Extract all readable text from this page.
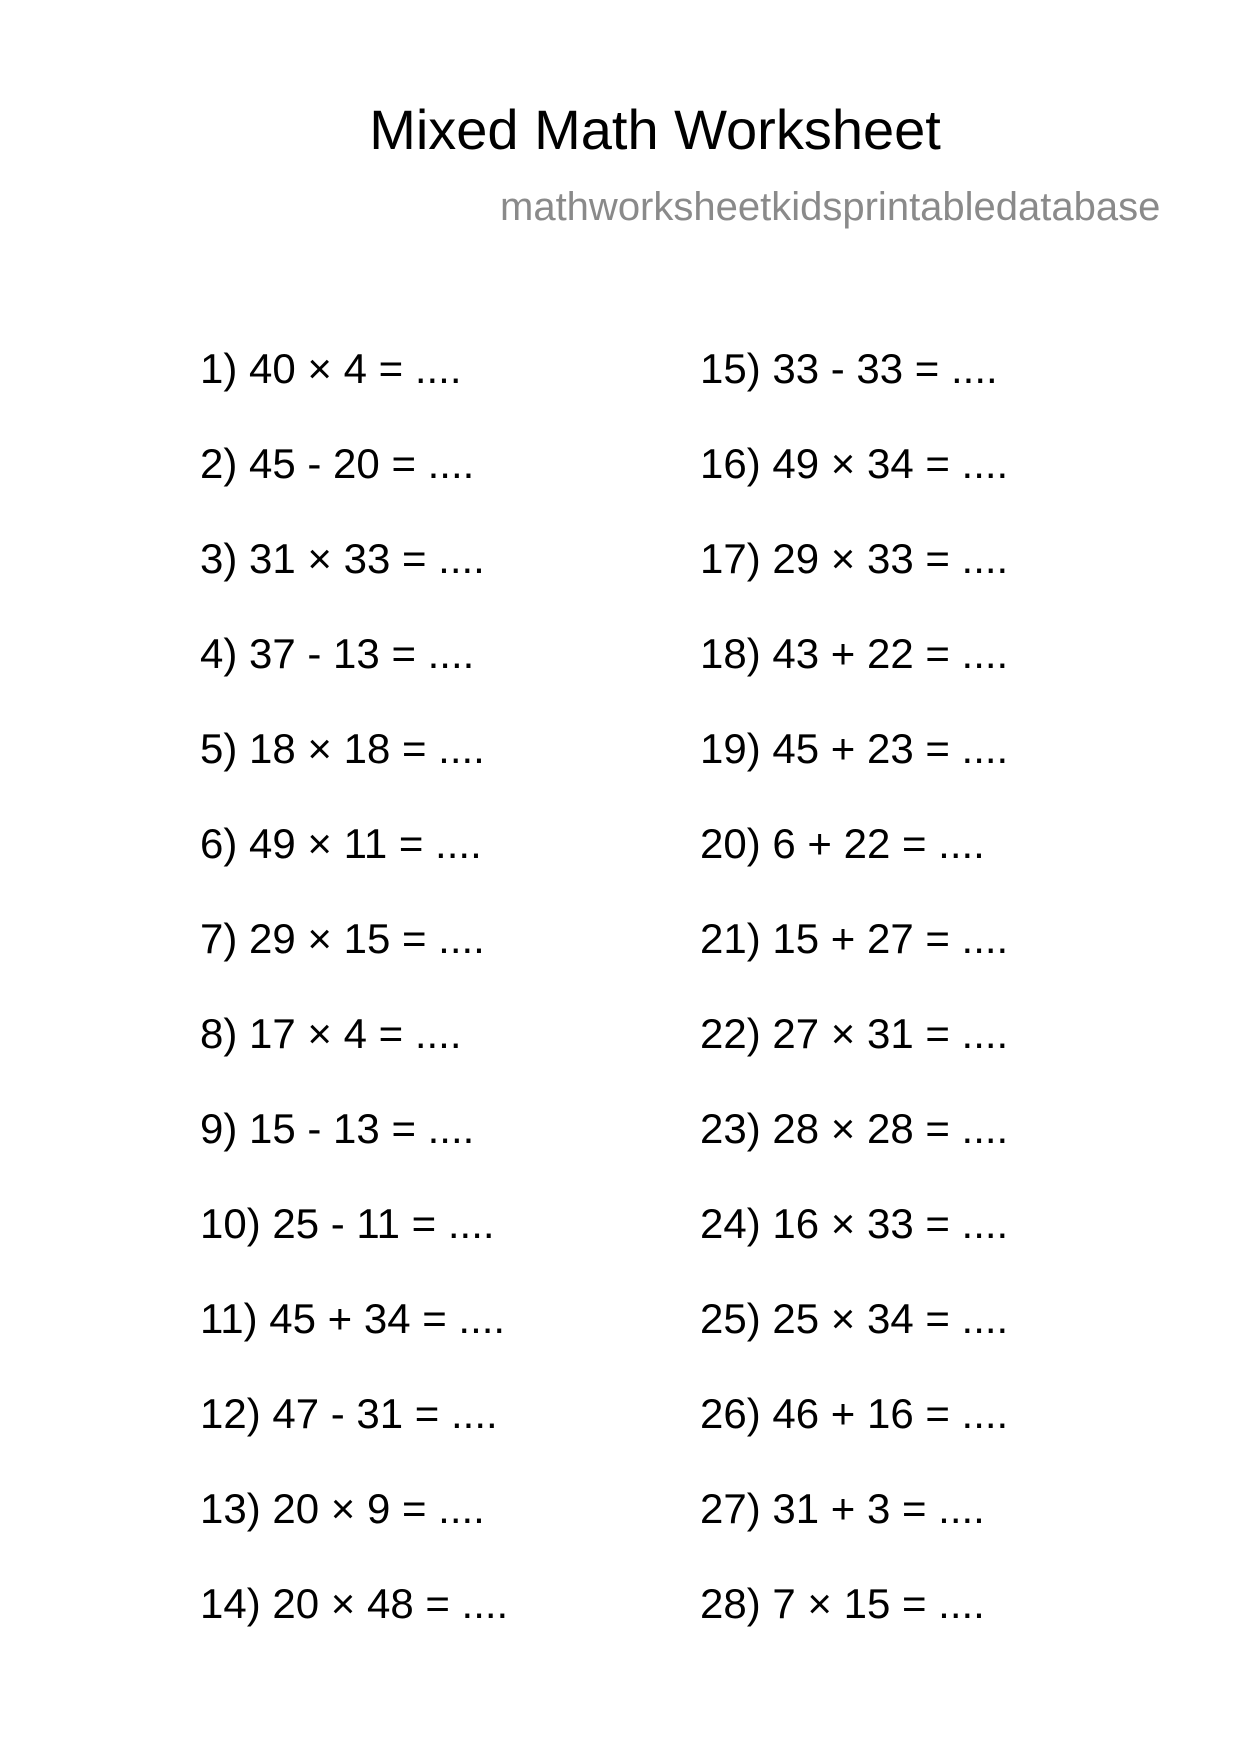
Mixed Math Worksheet
mathworksheetkidsprintabledatabase
1) 40 × 4 = ....
2) 45 - 20 = ....
3) 31 × 33 = ....
4) 37 - 13 = ....
5) 18 × 18 = ....
6) 49 × 11 = ....
7) 29 × 15 = ....
8) 17 × 4 = ....
9) 15 - 13 = ....
10) 25 - 11 = ....
11) 45 + 34 = ....
12) 47 - 31 = ....
13) 20 × 9 = ....
14) 20 × 48 = ....
15) 33 - 33 = ....
16) 49 × 34 = ....
17) 29 × 33 = ....
18) 43 + 22 = ....
19) 45 + 23 = ....
20) 6 + 22 = ....
21) 15 + 27 = ....
22) 27 × 31 = ....
23) 28 × 28 = ....
24) 16 × 33 = ....
25) 25 × 34 = ....
26) 46 + 16 = ....
27) 31 + 3 = ....
28) 7 × 15 = ....
